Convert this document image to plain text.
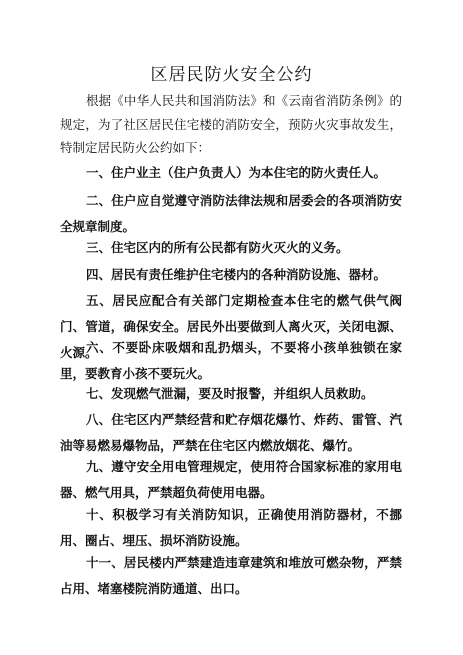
区居民防火安全公约

根据《中华人民共和国消防法》和《云南省消防条例》的规定，为了社区居民住宅楼的消防安全，预防火灾事故发生，特制定居民防火公约如下：

一、住户业主（住户负责人）为本住宅的防火责任人。

二、住户应自觉遵守消防法律法规和居委会的各项消防安全规章制度。

三、住宅区内的所有公民都有防火灭火的义务。

四、居民有责任维护住宅楼内的各种消防设施、器材。

五、居民应配合有关部门定期检查本住宅的燃气供气阀门、管道，确保安全。居民外出要做到人离火灭，关闭电源、火源。

六、不要卧床吸烟和乱扔烟头，不要将小孩单独锁在家里，要教育小孩不要玩火。

七、发现燃气泄漏，要及时报警，并组织人员救助。

八、住宅区内严禁经营和贮存烟花爆竹、炸药、雷管、汽油等易燃易爆物品，严禁在住宅区内燃放烟花、爆竹。

九、遵守安全用电管理规定，使用符合国家标准的家用电器、燃气用具，严禁超负荷使用电器。

十、积极学习有关消防知识，正确使用消防器材，不挪用、圈占、埋压、损坏消防设施。

十一、居民楼内严禁建造违章建筑和堆放可燃杂物，严禁占用、堵塞楼院消防通道、出口。
